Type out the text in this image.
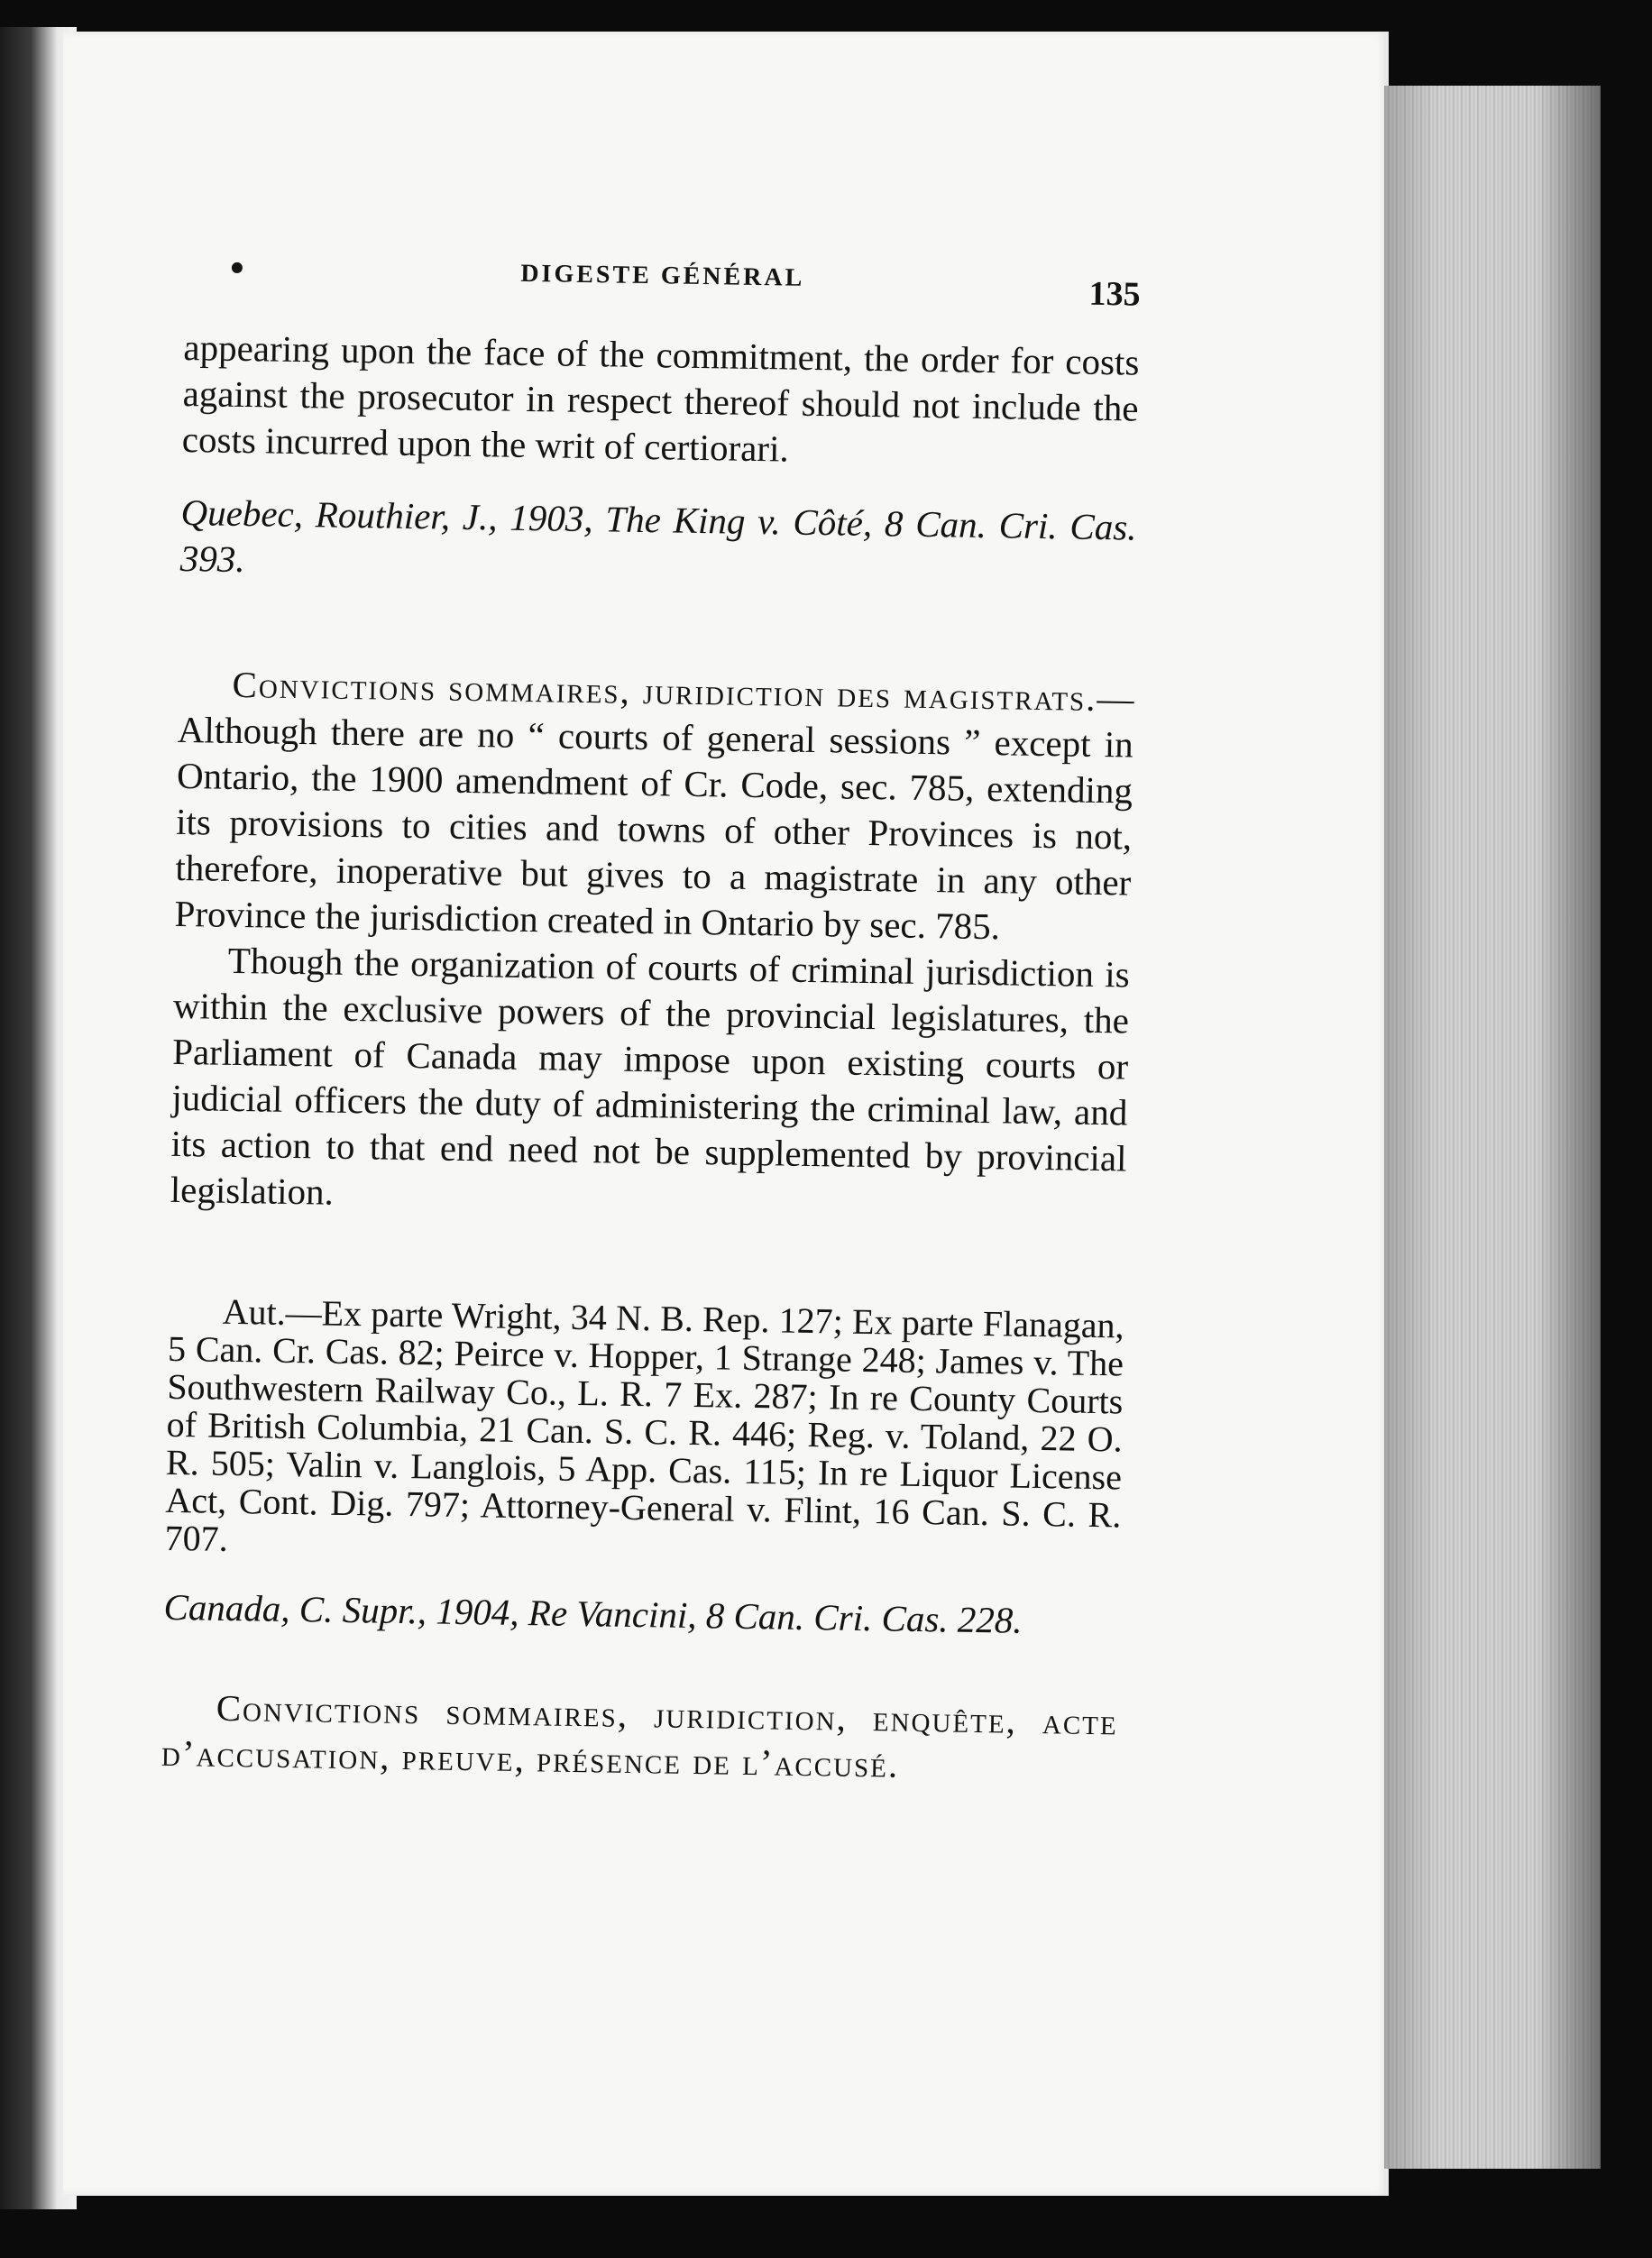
DIGESTE GÉNÉRAL	135

appearing upon the face of the commitment, the order for costs against the prosecutor in respect thereof should not include the costs incurred upon the writ of certiorari.

Quebec, Routhier, J., 1903, The King v. Côté, 8 Can. Cri. Cas. 393.

Convictions sommaires, juridiction des magistrats.—Although there are no “ courts of general sessions ” except in Ontario, the 1900 amendment of Cr. Code, sec. 785, extending its provisions to cities and towns of other Provinces is not, therefore, inoperative but gives to a magistrate in any other Province the jurisdiction created in Ontario by sec. 785.

Though the organization of courts of criminal jurisdiction is within the exclusive powers of the provincial legislatures, the Parliament of Canada may impose upon existing courts or judicial officers the duty of administering the criminal law, and its action to that end need not be supplemented by provincial legislation.

Aut.—Ex parte Wright, 34 N. B. Rep. 127; Ex parte Flanagan, 5 Can. Cr. Cas. 82; Peirce v. Hopper, 1 Strange 248; James v. The Southwestern Railway Co., L. R. 7 Ex. 287; In re County Courts of British Columbia, 21 Can. S. C. R. 446; Reg. v. Toland, 22 O. R. 505; Valin v. Langlois, 5 App. Cas. 115; In re Liquor License Act, Cont. Dig. 797; Attorney-General v. Flint, 16 Can. S. C. R. 707.

Canada, C. Supr., 1904, Re Vancini, 8 Can. Cri. Cas. 228.

Convictions sommaires, juridiction, enquête, acte d’accusation, preuve, présence de l’accusé.
